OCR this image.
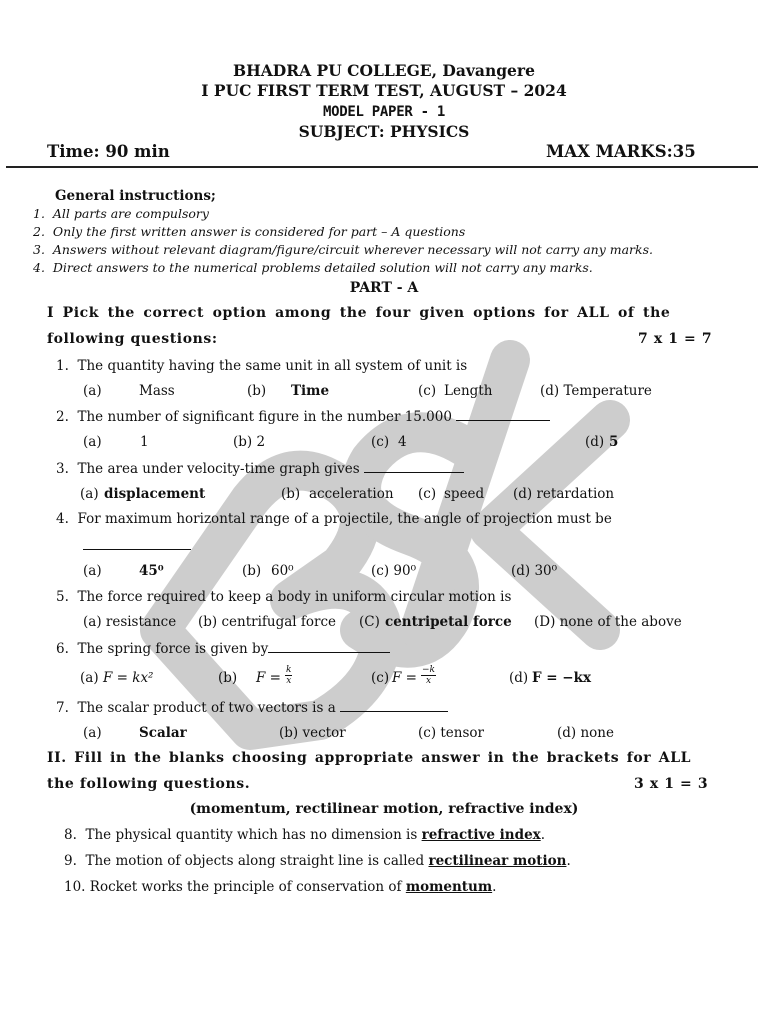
BHADRA PU COLLEGE, Davangere
I PUC FIRST TERM TEST, AUGUST – 2024
MODEL PAPER - 1
SUBJECT: PHYSICS
Time: 90 min	MAX MARKS:35
General instructions;
1. All parts are compulsory
2. Only the first written answer is considered for part – A questions
3. Answers without relevant diagram/figure/circuit wherever necessary will not carry any marks.
4. Direct answers to the numerical problems detailed solution will not carry any marks.
PART - A
I Pick the correct option among the four given options for ALL of the
following questions:	7 x 1 = 7
1. The quantity having the same unit in all system of unit is
(a)	Mass	(b) Time	(c) Length	(d) Temperature
2. The number of significant figure in the number 15.000
(a)	1	(b) 2	(c) 4	(d) 5
3. The area under velocity-time graph gives
(a) displacement	(b) acceleration (c) speed (d) retardation
4. For maximum horizontal range of a projectile, the angle of projection must be
(a)	45⁰	(b) 60⁰	(c) 90⁰	(d) 30⁰
5. The force required to keep a body in uniform circular motion is
(a) resistance (b) centrifugal force (C) centripetal force (D) none of the above
6. The spring force is given by
(a) F = kx²	(b) $F = \frac{k}{x}$	(c) $F = \frac{-k}{x}$	(d) F = −kx
7. The scalar product of two vectors is a
(a)	Scalar	(b) vector	(c) tensor	(d) none
II. Fill in the blanks choosing appropriate answer in the brackets for ALL
the following questions.	3 x 1 = 3
(momentum, rectilinear motion, refractive index)
8. The physical quantity which has no dimension is refractive index.
9. The motion of objects along straight line is called rectilinear motion.
10. Rocket works the principle of conservation of momentum.
